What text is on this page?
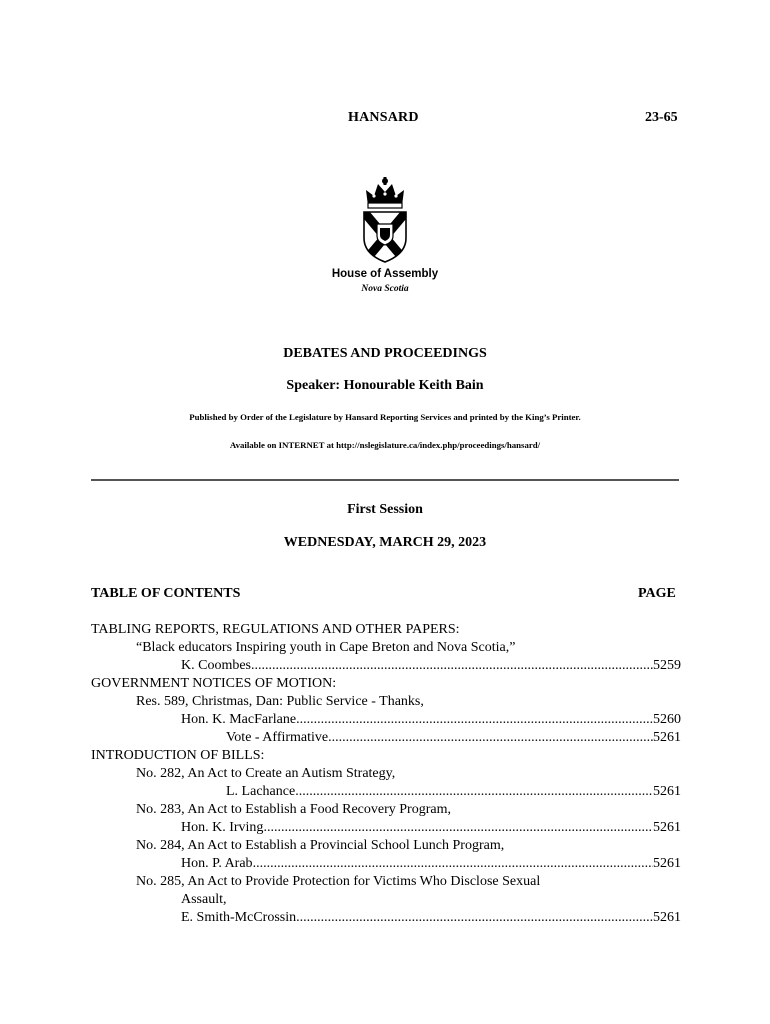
HANSARD	23-65
House of Assembly
Nova Scotia
DEBATES AND PROCEEDINGS
Speaker: Honourable Keith Bain
Published by Order of the Legislature by Hansard Reporting Services and printed by the King’s Printer.
Available on INTERNET at http://nslegislature.ca/index.php/proceedings/hansard/
First Session
WEDNESDAY, MARCH 29, 2023
TABLE OF CONTENTS	PAGE
TABLING REPORTS, REGULATIONS AND OTHER PAPERS:
“Black educators Inspiring youth in Cape Breton and Nova Scotia,”
K. Coombes .....	5259
GOVERNMENT NOTICES OF MOTION:
Res. 589, Christmas, Dan: Public Service - Thanks,
Hon. K. MacFarlane .....	5260
Vote - Affirmative .....	5261
INTRODUCTION OF BILLS:
No. 282, An Act to Create an Autism Strategy,
L. Lachance .....	5261
No. 283, An Act to Establish a Food Recovery Program,
Hon. K. Irving .....	5261
No. 284, An Act to Establish a Provincial School Lunch Program,
Hon. P. Arab .....	5261
No. 285, An Act to Provide Protection for Victims Who Disclose Sexual
Assault,
E. Smith-McCrossin .....	5261
